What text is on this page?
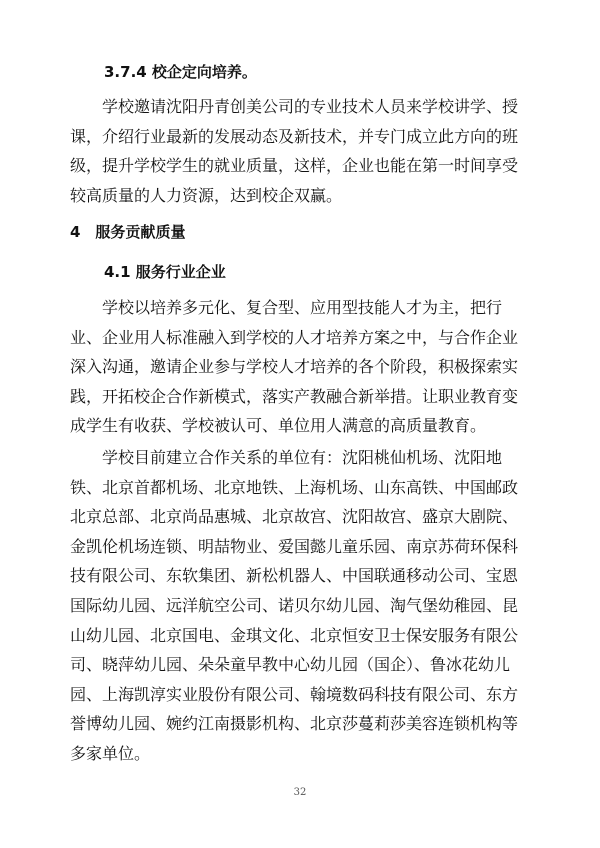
3.7.4 校企定向培养。
　　学校邀请沈阳丹青创美公司的专业技术人员来学校讲学、授
课，介绍行业最新的发展动态及新技术，并专门成立此方向的班
级，提升学校学生的就业质量，这样，企业也能在第一时间享受
较高质量的人力资源，达到校企双赢。
4　服务贡献质量
4.1 服务行业企业
　　学校以培养多元化、复合型、应用型技能人才为主，把行
业、企业用人标准融入到学校的人才培养方案之中，与合作企业
深入沟通，邀请企业参与学校人才培养的各个阶段，积极探索实
践，开拓校企合作新模式，落实产教融合新举措。让职业教育变
成学生有收获、学校被认可、单位用人满意的高质量教育。
　　学校目前建立合作关系的单位有：沈阳桃仙机场、沈阳地
铁、北京首都机场、北京地铁、上海机场、山东高铁、中国邮政
北京总部、北京尚品惠城、北京故宫、沈阳故宫、盛京大剧院、
金凯伦机场连锁、明喆物业、爱国懿儿童乐园、南京苏荷环保科
技有限公司、东软集团、新松机器人、中国联通移动公司、宝恩
国际幼儿园、远洋航空公司、诺贝尔幼儿园、淘气堡幼稚园、昆
山幼儿园、北京国电、金琪文化、北京恒安卫士保安服务有限公
司、晓萍幼儿园、朵朵童早教中心幼儿园（国企）、鲁冰花幼儿
园、上海凯淳实业股份有限公司、翰境数码科技有限公司、东方
誉博幼儿园、婉约江南摄影机构、北京莎蔓莉莎美容连锁机构等
多家单位。
32
